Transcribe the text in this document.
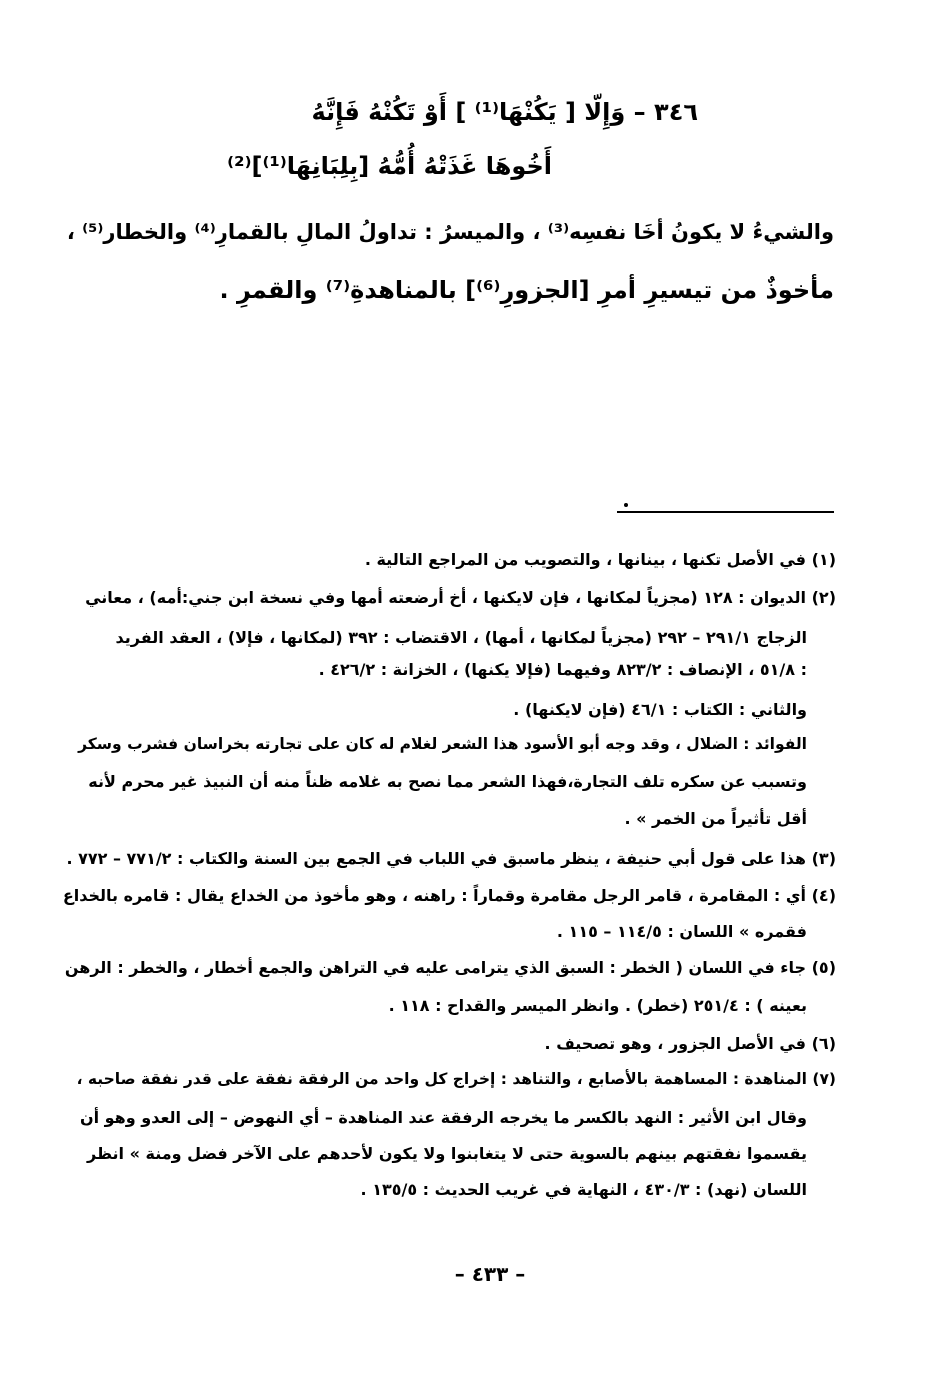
٣٤٦ – وَإِلّا [ يَكُنْهَا⁽¹⁾ ] أَوْ تَكُنْهُ فَإِنَّهُ
أَخُوهَا غَذَتْهُ أُمُّهُ [بِلِبَانِهَا⁽¹⁾]⁽²⁾
والشيءُ لا يكونُ أخَا نفسِه⁽³⁾ ، والميسرُ : تداولُ المالِ بالقمارِ⁽⁴⁾ والخطار⁽⁵⁾ ،
مأخوذٌ من تيسيرِ أمرِ [الجزورِ⁽⁶⁾] بالمناهدةِ⁽⁷⁾ والقمرِ .
(١) في الأصل تكنها ، بينانها ، والتصويب من المراجع التالية .
(٢) الديوان : ١٢٨ (مجزياً لمكانها ، فإن لايكنها ، أخ أرضعته أمها وفي نسخة ابن جني:أمه) ، معاني
الزجاج ٢٩١/١ – ٢٩٢ (مجزياً لمكانها ، أمها) ، الاقتضاب : ٣٩٢ (لمكانها ، فإلا) ، العقد الفريد
: ٥١/٨ ، الإنصاف : ٨٢٣/٢ وفيهما (فإلا يكنها) ، الخزانة : ٤٢٦/٢ .
والثاني : الكتاب : ٤٦/١ (فإن لايكنها) .
الفوائد : الضلال ، وقد وجه أبو الأسود هذا الشعر لغلام له كان على تجارته بخراسان فشرب وسكر
وتسبب عن سكره تلف التجارة،فهذا الشعر مما نصح به غلامه ظناً منه أن النبيذ غير محرم لأنه
أقل تأثيراً من الخمر » .
(٣) هذا على قول أبي حنيفة ، ينظر ماسبق في اللباب في الجمع بين السنة والكتاب : ٧٧١/٢ – ٧٧٢ .
(٤) أي : المقامرة ، قامر الرجل مقامرة وقماراً : راهنه ، وهو مأخوذ من الخداع يقال : قامره بالخداع
فقمره » اللسان : ١١٤/٥ – ١١٥ .
(٥) جاء في اللسان ( الخطر : السبق الذي يترامى عليه في التراهن والجمع أخطار ، والخطر : الرهن
بعينه ) : ٢٥١/٤ (خطر) . وانظر الميسر والقداح : ١١٨ .
(٦) في الأصل الجزور ، وهو تصحيف .
(٧) المناهدة : المساهمة بالأصابع ، والتناهد : إخراج كل واحد من الرفقة نفقة على قدر نفقة صاحبه ،
وقال ابن الأثير : النهد بالكسر ما يخرجه الرفقة عند المناهدة – أي النهوض – إلى العدو وهو أن
يقسموا نفقتهم بينهم بالسوية حتى لا يتغابنوا ولا يكون لأحدهم على الآخر فضل ومنة » انظر
اللسان (نهد) : ٤٣٠/٣ ، النهاية في غريب الحديث : ١٣٥/٥ .
– ٤٣٣ –
